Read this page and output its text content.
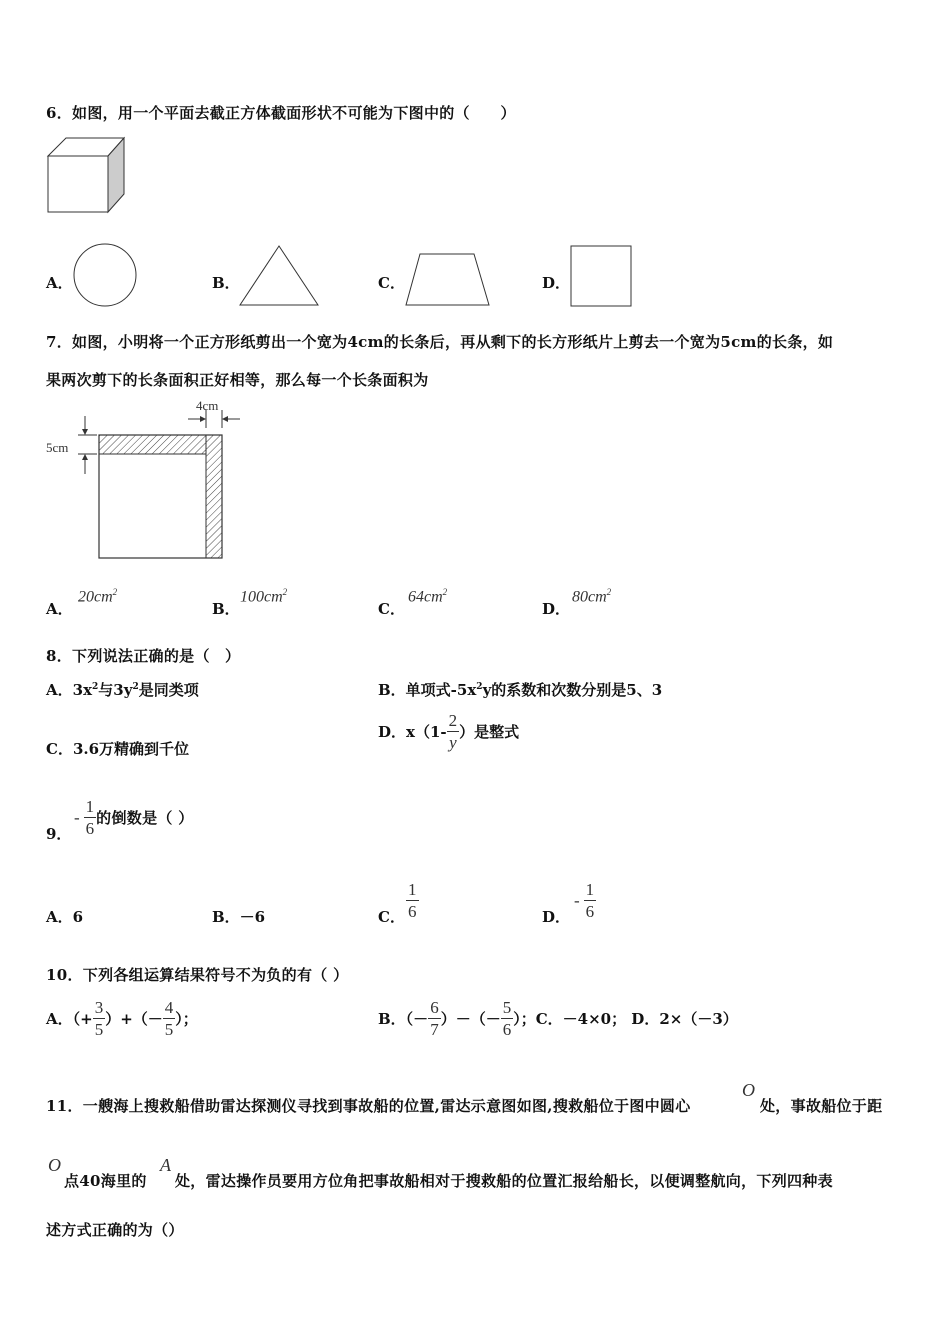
6．如图，用一个平面去截正方体截面形状不可能为下图中的（　　）
A．	B．	C．	D．
7．如图，小明将一个正方形纸剪出一个宽为4cm的长条后，再从剩下的长方形纸片上剪去一个宽为5cm的长条，如
果两次剪下的长条面积正好相等，那么每一个长条面积为
4cm
5cm
A．
$20cm^2$
B．
$100cm^2$
C．
$64cm^2$
D．
$80cm^2$
8．下列说法正确的是（　）
A．$3x^2$与$3y^2$是同类项	B．单项式$-5x^2y$的系数和次数分别是5、3
C．3.6万精确到千位
D．$x(1- \frac{2}{y}$ ）是整式
9．
- $\frac{1}{6}$ 的倒数是（ ）
A．6	B．－6	C． $\frac{1}{6}$	D．
- $\frac{1}{6}$
10．下列各组运算结果符号不为负的有（ ）
A．（+ $\frac{3}{5}$ ）+（－ $\frac{4}{5}$ ）；	B．（－ $\frac{6}{7}$ ）－（－ $\frac{5}{6}$ ）；C．－4×0； D．2×（－3）
11．一艘海上搜救船借助雷达探测仪寻找到事故船的位置,雷达示意图如图,搜救船位于图中圆心
O
处，事故船位于距
O
点40海里的
A
处，雷达操作员要用方位角把事故船相对于搜救船的位置汇报给船长，以便调整航向，下列四种表
述方式正确的为（）
